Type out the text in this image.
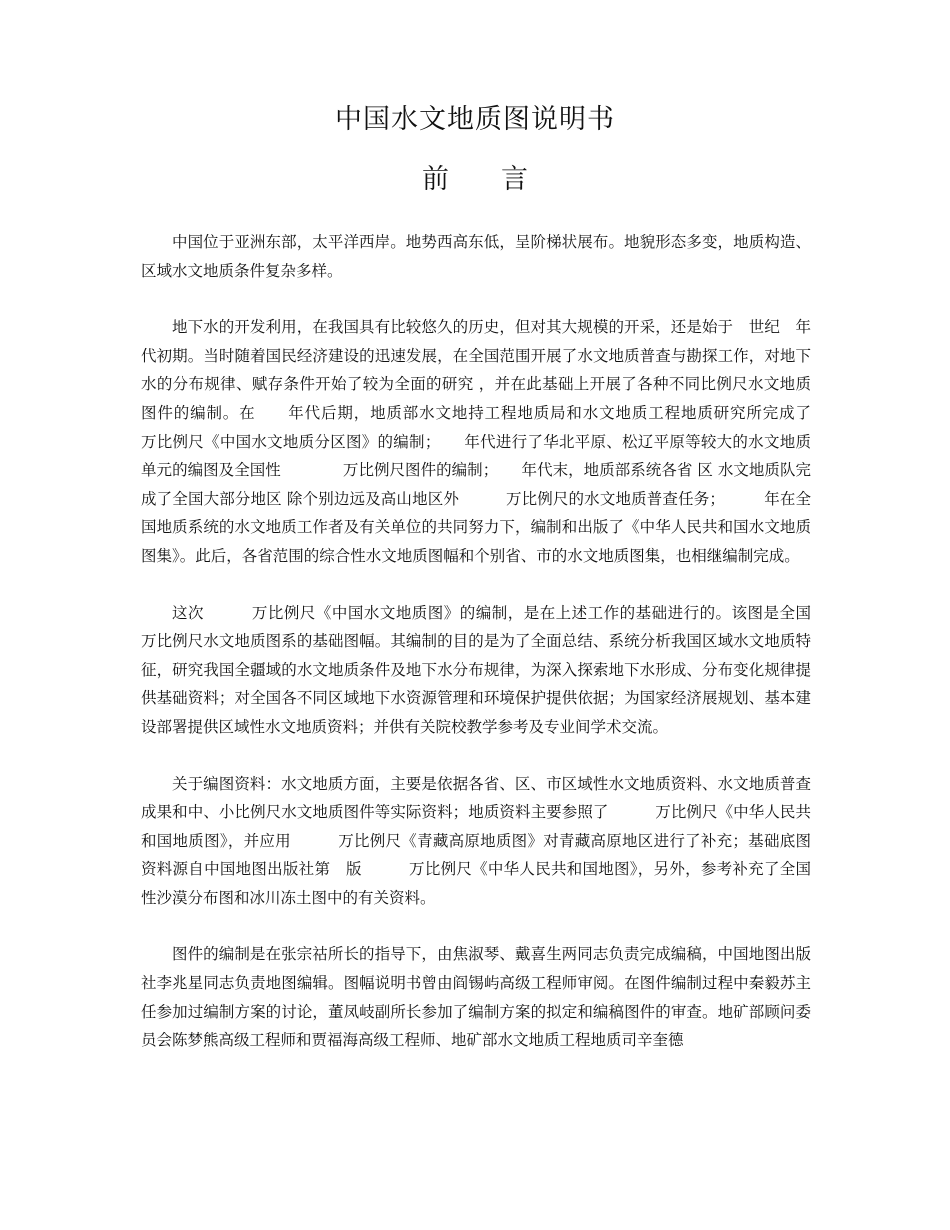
中国水文地质图说明书
前 言

中国位于亚洲东部，太平洋西岸。地势西高东低，呈阶梯状展布。地貌形态多变，地质构造、区域水文地质条件复杂多样。

地下水的开发利用，在我国具有比较悠久的历史，但对其大规模的开采，还是始于　世纪　年代初期。当时随着国民经济建设的迅速发展，在全国范围开展了水文地质普查与勘探工作，对地下水的分布规律、赋存条件开始了较为全面的研究 ，并在此基础上开展了各种不同比例尺水文地质图件的编制。在　　年代后期，地质部水文地持工程地质局和水文地质工程地质研究所完成了　　　　万比例尺《中国水文地质分区图》的编制；　　年代进行了华北平原、松辽平原等较大的水文地质单元的编图及全国性　　　　万比例尺图件的编制；　　年代末，地质部系统各省 区 水文地质队完成了全国大部分地区 除个别边远及高山地区外　　　万比例尺的水文地质普查任务；　　　年在全国地质系统的水文地质工作者及有关单位的共同努力下，编制和出版了《中华人民共和国水文地质图集》。此后，各省范围的综合性水文地质图幅和个别省、市的水文地质图集，也相继编制完成。

这次　　　万比例尺《中国水文地质图》的编制，是在上述工作的基础进行的。该图是全国　　　万比例尺水文地质图系的基础图幅。其编制的目的是为了全面总结、系统分析我国区域水文地质特征，研究我国全疆域的水文地质条件及地下水分布规律，为深入探索地下水形成、分布变化规律提供基础资料；对全国各不同区域地下水资源管理和环境保护提供依据；为国家经济展规划、基本建设部署提供区域性水文地质资料；并供有关院校教学参考及专业间学术交流。

关于编图资料：水文地质方面，主要是依据各省、区、市区域性水文地质资料、水文地质普查成果和中、小比例尺水文地质图件等实际资料；地质资料主要参照了　　　万比例尺《中华人民共和国地质图》，并应用　　　万比例尺《青藏高原地质图》对青藏高原地区进行了补充；基础底图资料源自中国地图出版社第　版　　　万比例尺《中华人民共和国地图》，另外，参考补充了全国性沙漠分布图和冰川冻土图中的有关资料。

图件的编制是在张宗祜所长的指导下，由焦淑琴、戴喜生两同志负责完成编稿，中国地图出版社李兆星同志负责地图编辑。图幅说明书曾由阎锡屿高级工程师审阅。在图件编制过程中秦毅苏主任参加过编制方案的讨论，董凤岐副所长参加了编制方案的拟定和编稿图件的审查。地矿部顾问委员会陈梦熊高级工程师和贾福海高级工程师、地矿部水文地质工程地质司辛奎德
